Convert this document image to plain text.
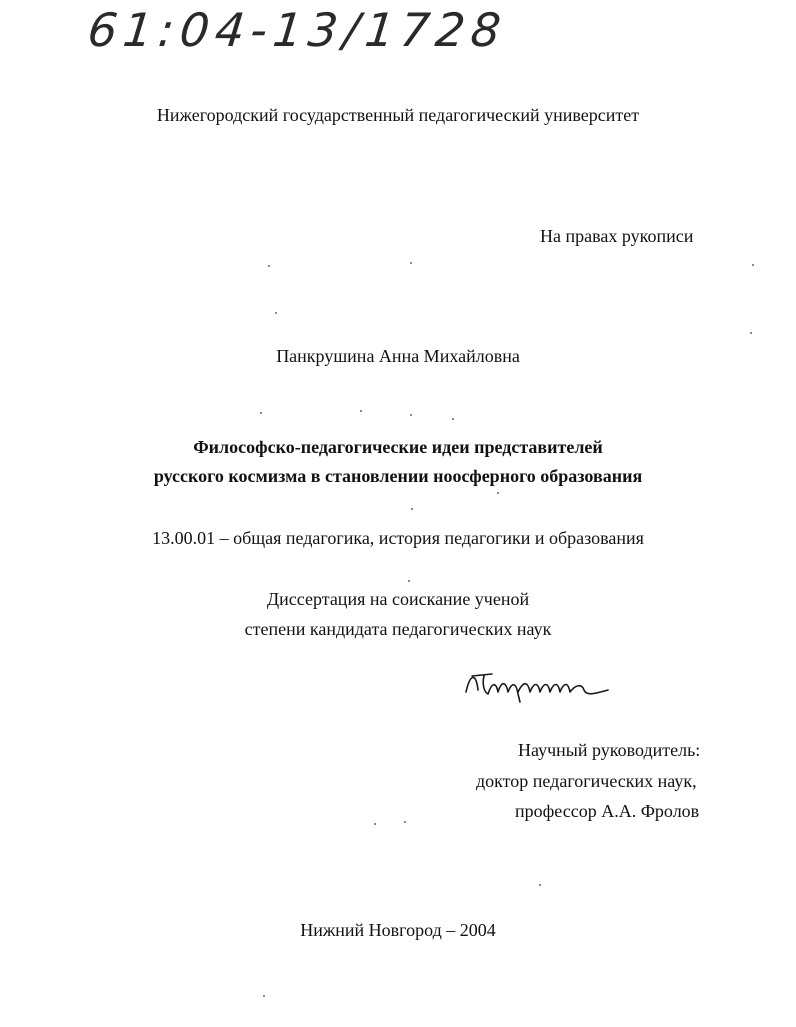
61:04-13/1728
Нижегородский государственный педагогический университет
На правах рукописи
Панкрушина Анна Михайловна
Философско-педагогические идеи представителей
русского космизма в становлении ноосферного образования
13.00.01 – общая педагогика, история педагогики и образования
Диссертация на соискание ученой
степени кандидата педагогических наук
Научный руководитель:
доктор педагогических наук,
профессор А.А. Фролов
Нижний Новгород – 2004
